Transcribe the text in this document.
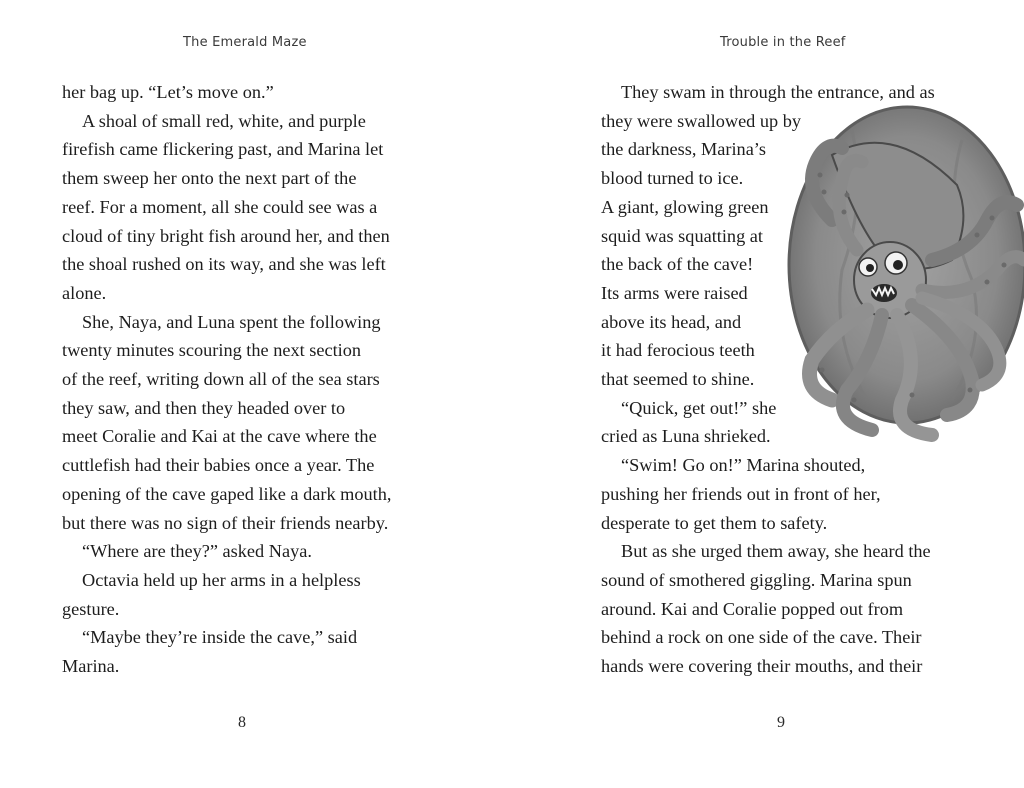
The Emerald Maze	Trouble in the Reef
her bag up. “Let’s move on.”
A shoal of small red, white, and purple
firefish came flickering past, and Marina let
them sweep her onto the next part of the
reef. For a moment, all she could see was a
cloud of tiny bright fish around her, and then
the shoal rushed on its way, and she was left
alone.
She, Naya, and Luna spent the following
twenty minutes scouring the next section
of the reef, writing down all of the sea stars
they saw, and then they headed over to
meet Coralie and Kai at the cave where the
cuttlefish had their babies once a year. The
opening of the cave gaped like a dark mouth,
but there was no sign of their friends nearby.
“Where are they?” asked Naya.
Octavia held up her arms in a helpless
gesture.
“Maybe they’re inside the cave,” said
Marina.
They swam in through the entrance, and as
they were swallowed up by
the darkness, Marina’s
blood turned to ice.
A giant, glowing green
squid was squatting at
the back of the cave!
Its arms were raised
above its head, and
it had ferocious teeth
that seemed to shine.
“Quick, get out!” she
cried as Luna shrieked.
“Swim! Go on!” Marina shouted,
pushing her friends out in front of her,
desperate to get them to safety.
But as she urged them away, she heard the
sound of smothered giggling. Marina spun
around. Kai and Coralie popped out from
behind a rock on one side of the cave. Their
hands were covering their mouths, and their
8	9
